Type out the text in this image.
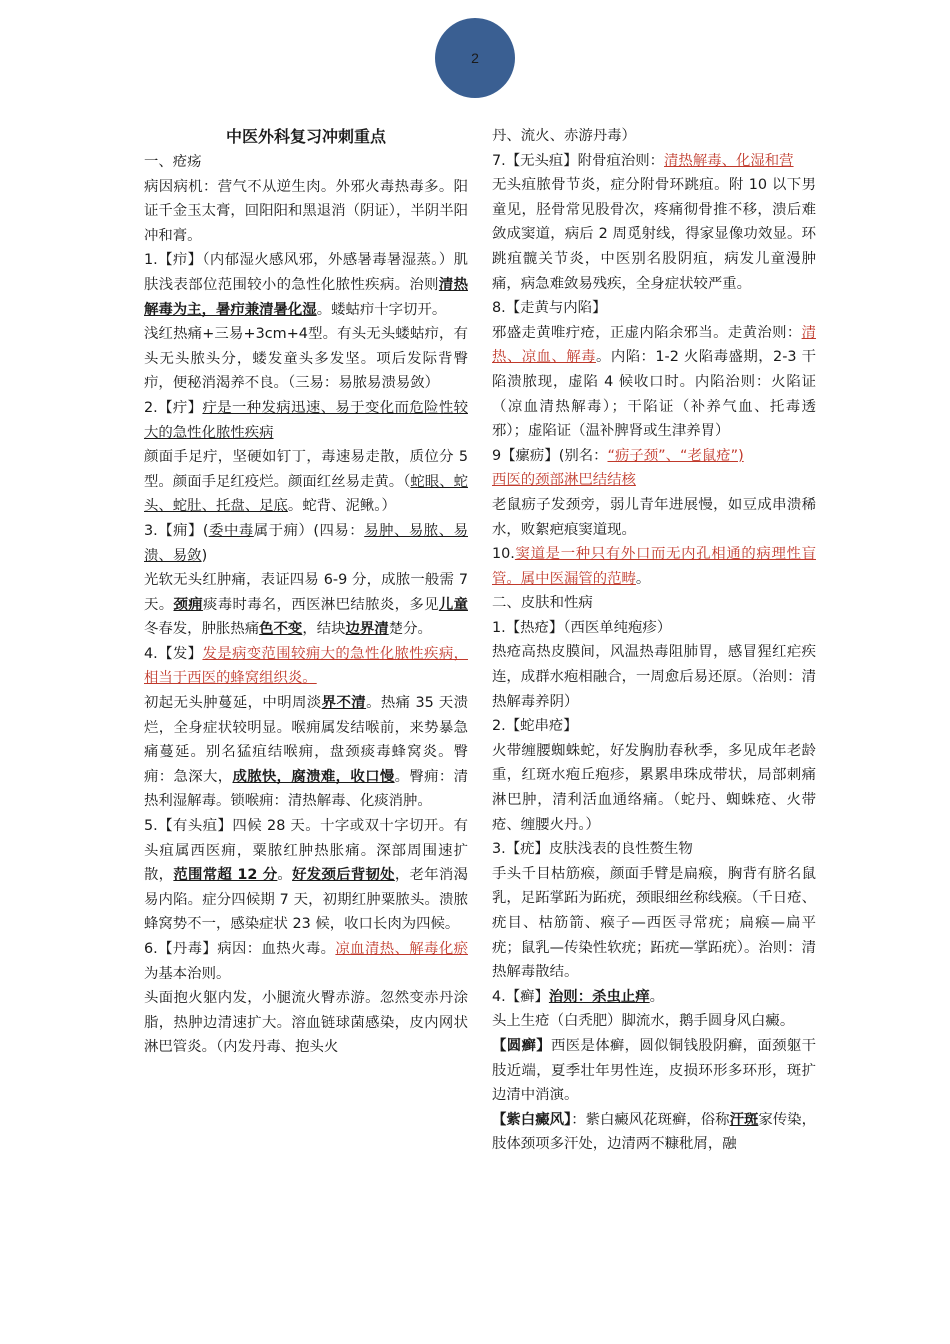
2

中医外科复习冲刺重点

一、疮疡

病因病机：营气不从逆生肉。外邪火毒热毒多。阳证千金玉太膏，回阳阳和黑退消（阴证），半阴半阳冲和膏。

1.【疖】（内郁湿火感风邪，外感暑毒暑湿蒸。）肌肤浅表部位范围较小的急性化脓性疾病。治则清热解毒为主，暑疖兼清暑化湿。蝼蛄疖十字切开。

浅红热痛+三易+3cm+4型。有头无头蝼蛄疖，有头无头脓头分，蝼发童头多发坚。项后发际背臀疖，便秘消渴养不良。（三易：易脓易溃易敛）

2.【疔】疔是一种发病迅速、易于变化而危险性较大的急性化脓性疾病

颜面手足疔，坚硬如钉丁，毒速易走散，质位分 5 型。颜面手足红疫烂。颜面红丝易走黄。（蛇眼、蛇头、蛇肚、托盘、足底。蛇背、泥鳅。）

3.【痈】(委中毒属于痈）(四易：易肿、易脓、易溃、易敛)

光软无头红肿痛，表证四易 6-9 分，成脓一般需 7 天。颈痈痰毒时毒名，西医淋巴结脓炎，多见儿童冬春发，肿胀热痛色不变，结块边界清楚分。

4.【发】发是病变范围较痈大的急性化脓性疾病，相当于西医的蜂窝组织炎。

初起无头肿蔓延，中明周淡界不清。热痛 35 天溃烂，全身症状较明显。喉痈属发结喉前，来势暴急痛蔓延。别名猛疽结喉痈，盘颈痰毒蜂窝炎。臀痈：急深大，成脓快，腐溃难，收口慢。臀痈：清热利湿解毒。锁喉痈：清热解毒、化痰消肿。

5.【有头疽】四候 28 天。十字或双十字切开。有头疽属西医痈，粟脓红肿热胀痛。深部周围速扩散，范围常超 12 分。好发颈后背韧处，老年消渴易内陷。症分四候期 7 天，初期红肿粟脓头。溃脓蜂窝势不一，感染症状 23 候，收口长肉为四候。

6.【丹毒】病因：血热火毒。凉血清热、解毒化瘀为基本治则。

头面抱火躯内发，小腿流火臀赤游。忽然变赤丹涂脂，热肿边清速扩大。溶血链球菌感染，皮内网状淋巴管炎。（内发丹毒、抱头火

丹、流火、赤游丹毒）

7.【无头疽】附骨疽治则：清热解毒、化湿和营

无头疽脓骨节炎，症分附骨环跳疽。附 10 以下男童见，胫骨常见股骨次，疼痛彻骨推不移，溃后难敛成窦道，病后 2 周觅射线，得家显像功效显。环跳疽髋关节炎，中医别名股阴疽，病发儿童漫肿痛，病急难敛易残疾，全身症状较严重。

8.【走黄与内陷】

邪盛走黄唯疔疮，正虚内陷余邪当。走黄治则：清热、凉血、解毒。内陷：1-2 火陷毒盛期，2-3 干陷溃脓现，虚陷 4 候收口时。内陷治则：火陷证（凉血清热解毒）；干陷证（补养气血、托毒透邪）；虚陷证（温补脾肾或生津养胃）

9【瘰疬】(别名：“疬子颈”、“老鼠疮”)

西医的颈部淋巴结结核

老鼠疬子发颈旁，弱儿青年进展慢，如豆成串溃稀水，败絮疤痕窦道现。

10.窦道是一种只有外口而无内孔相通的病理性盲管。属中医漏管的范畴。

二、皮肤和性病

1.【热疮】（西医单纯疱疹）

热疮高热皮膜间，风温热毒阻肺胃，感冒猩红疟疾连，成群水疱相融合，一周愈后易还原。（治则：清热解毒养阴）

2.【蛇串疮】

火带缠腰蜘蛛蛇，好发胸肋春秋季，多见成年老龄重，红斑水疱丘疱疹，累累串珠成带状，局部刺痛淋巴肿，清利活血通络痛。（蛇丹、蜘蛛疮、火带疮、缠腰火丹。）

3.【疣】皮肤浅表的良性赘生物

手头千目枯筋瘊，颜面手臂是扁瘊，胸背有脐名鼠乳，足跖掌跖为跖疣，颈眼细丝称线瘊。（千日疮、疣目、枯筋箭、瘊子—西医寻常疣；扁瘊—扁平疣；鼠乳—传染性软疣；跖疣—掌跖疣）。治则：清热解毒散结。

4.【癣】治则：杀虫止痒。

头上生疮（白秃肥）脚流水，鹅手圆身风白癜。

【圆癣】西医是体癣，圆似铜钱股阴癣，面颈躯干肢近端，夏季壮年男性连，皮损环形多环形，斑扩边清中消演。

【紫白癜风】：紫白癜风花斑癣，俗称汗斑家传染，肢体颈项多汗处，边清两不糠秕屑，融
